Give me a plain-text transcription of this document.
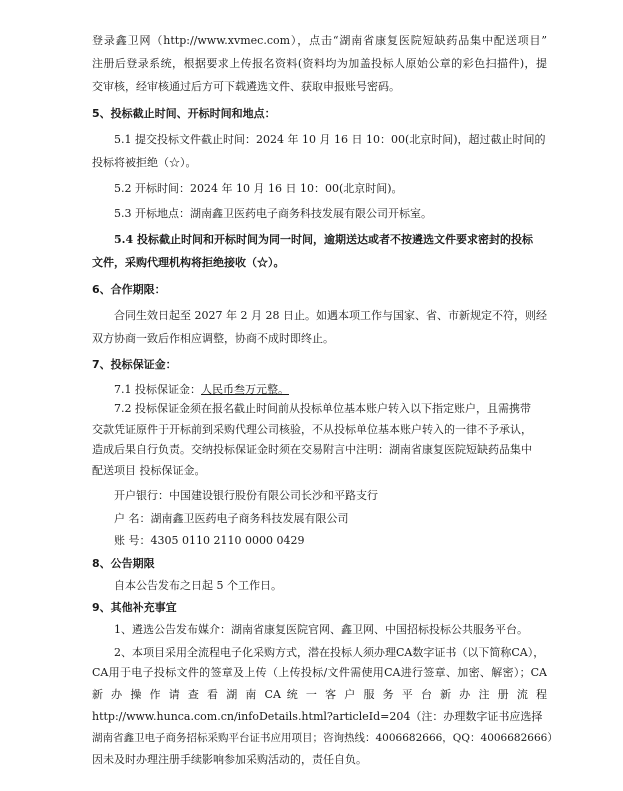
登录鑫卫网（http://www.xvmec.com），点击“湖南省康复医院短缺药品集中配送项目”
注册后登录系统，根据要求上传报名资料(资料均为加盖投标人原始公章的彩色扫描件)，提
交审核，经审核通过后方可下载遴选文件、获取申报账号密码。
5、投标截止时间、开标时间和地点：
5.1 提交投标文件截止时间：2024 年 10 月 16 日 10：00(北京时间)，超过截止时间的
投标将被拒绝（☆）。
5.2 开标时间：2024 年 10 月 16 日 10：00(北京时间)。
5.3 开标地点：湖南鑫卫医药电子商务科技发展有限公司开标室。
5.4 投标截止时间和开标时间为同一时间，逾期送达或者不按遴选文件要求密封的投标
文件，采购代理机构将拒绝接收（☆）。
6、合作期限：
合同生效日起至 2027 年 2 月 28 日止。如遇本项工作与国家、省、市新规定不符，则经
双方协商一致后作相应调整，协商不成时即终止。
7、投标保证金：
7.1 投标保证金：人民币叁万元整。
7.2 投标保证金须在报名截止时间前从投标单位基本账户转入以下指定账户，且需携带
交款凭证原件于开标前到采购代理公司核验，不从投标单位基本账户转入的一律不予承认，
造成后果自行负责。交纳投标保证金时须在交易附言中注明：湖南省康复医院短缺药品集中
配送项目 投标保证金。
开户银行：中国建设银行股份有限公司长沙和平路支行
户 名：湖南鑫卫医药电子商务科技发展有限公司
账 号：4305 0110 2110 0000 0429
8、公告期限
自本公告发布之日起 5 个工作日。
9、其他补充事宜
1、遴选公告发布媒介：湖南省康复医院官网、鑫卫网、中国招标投标公共服务平台。
2、本项目采用全流程电子化采购方式，潜在投标人须办理CA数字证书（以下简称CA），
CA用于电子投标文件的签章及上传（上传投标/文件需使用CA进行签章、加密、解密）；CA
新 办 操 作 请 查 看 湖 南 CA 统 一 客 户 服 务 平 台 新 办 注 册 流 程
http://www.hunca.com.cn/infoDetails.html?articleId=204（注：办理数字证书应选择
湖南省鑫卫电子商务招标采购平台证书应用项目；咨询热线：4006682666，QQ：4006682666）
因未及时办理注册手续影响参加采购活动的，责任自负。
